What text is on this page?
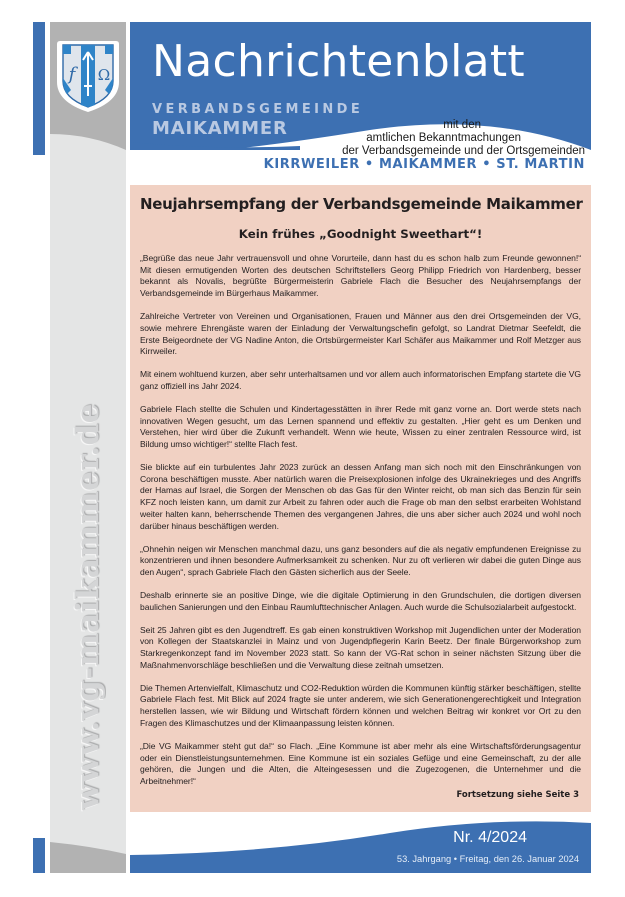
f Ω
www.vg-maikammer.de
Nachrichtenblatt
VERBANDSGEMEINDE
MAIKAMMER	mit den
amtlichen Bekanntmachungen
der Verbandsgemeinde und der Ortsgemeinden
KIRRWEILER • MAIKAMMER • ST. MARTIN
Neujahrsempfang der Verbandsgemeinde Maikammer
Kein frühes „Goodnight Sweethart“!

„Begrüße das neue Jahr vertrauensvoll und ohne Vorurteile, dann hast du es schon halb zum Freunde gewonnen!“ Mit diesen ermutigenden Worten des deutschen Schriftstellers Georg Philipp Friedrich von Hardenberg, besser bekannt als Novalis, begrüßte Bürgermeisterin Gabriele Flach die Besucher des Neujahrsempfangs der Verbandsgemeinde im Bürgerhaus Maikammer.

Zahlreiche Vertreter von Vereinen und Organisationen, Frauen und Männer aus den drei Ortsgemeinden der VG, sowie mehrere Ehrengäste waren der Einladung der Verwaltungschefin gefolgt, so Landrat Dietmar Seefeldt, die Erste Beigeordnete der VG Nadine Anton, die Ortsbürgermeister Karl Schäfer aus Maikammer und Rolf Metzger aus Kirrweiler.

Mit einem wohltuend kurzen, aber sehr unterhaltsamen und vor allem auch informatorischen Empfang startete die VG ganz offiziell ins Jahr 2024.

Gabriele Flach stellte die Schulen und Kindertagesstätten in ihrer Rede mit ganz vorne an. Dort werde stets nach innovativen Wegen gesucht, um das Lernen spannend und effektiv zu gestalten. „Hier geht es um Denken und Verstehen, hier wird über die Zukunft verhandelt. Wenn wie heute, Wissen zu einer zentralen Ressource wird, ist Bildung umso wichtiger!“ stellte Flach fest.

Sie blickte auf ein turbulentes Jahr 2023 zurück an dessen Anfang man sich noch mit den Einschränkungen von Corona beschäftigen musste. Aber natürlich waren die Preisexplosionen infolge des Ukrainekrieges und des Angriffs der Hamas auf Israel, die Sorgen der Menschen ob das Gas für den Winter reicht, ob man sich das Benzin für sein KFZ noch leisten kann, um damit zur Arbeit zu fahren oder auch die Frage ob man den selbst erarbeiten Wohlstand weiter halten kann, beherrschende Themen des vergangenen Jahres, die uns aber sicher auch 2024 und wohl noch darüber hinaus beschäftigen werden.

„Ohnehin neigen wir Menschen manchmal dazu, uns ganz besonders auf die als negativ empfundenen Ereignisse zu konzentrieren und ihnen besondere Aufmerksamkeit zu schenken. Nur zu oft verlieren wir dabei die guten Dinge aus den Augen“, sprach Gabriele Flach den Gästen sicherlich aus der Seele.

Deshalb erinnerte sie an positive Dinge, wie die digitale Optimierung in den Grundschulen, die dortigen diversen baulichen Sanierungen und den Einbau Raumlufttechnischer Anlagen. Auch wurde die Schulsozialarbeit aufgestockt.

Seit 25 Jahren gibt es den Jugendtreff. Es gab einen konstruktiven Workshop mit Jugendlichen unter der Moderation von Kollegen der Staatskanzlei in Mainz und von Jugendpflegerin Karin Beetz. Der finale Bürgerworkshop zum Starkregenkonzept fand im November 2023 statt. So kann der VG-Rat schon in seiner nächsten Sitzung über die Maßnahmenvorschläge beschließen und die Verwaltung diese zeitnah umsetzen.

Die Themen Artenvielfalt, Klimaschutz und CO2-Reduktion würden die Kommunen künftig stärker beschäftigen, stellte Gabriele Flach fest. Mit Blick auf 2024 fragte sie unter anderem, wie sich Generationengerechtigkeit und Integration herstellen lassen, wie wir Bildung und Wirtschaft fördern können und welchen Beitrag wir konkret vor Ort zu den Fragen des Klimaschutzes und der Klimaanpassung leisten können.

„Die VG Maikammer steht gut da!“ so Flach. „Eine Kommune ist aber mehr als eine Wirtschaftsförderungsagentur oder ein Dienstleistungsunternehmen. Eine Kommune ist ein soziales Gefüge und eine Gemeinschaft, zu der alle gehören, die Jungen und die Alten, die Alteingesessen und die Zugezogenen, die Unternehmer und die Arbeitnehmer!“

Fortsetzung siehe Seite 3
Nr. 4/2024
53. Jahrgang • Freitag, den 26. Januar 2024
